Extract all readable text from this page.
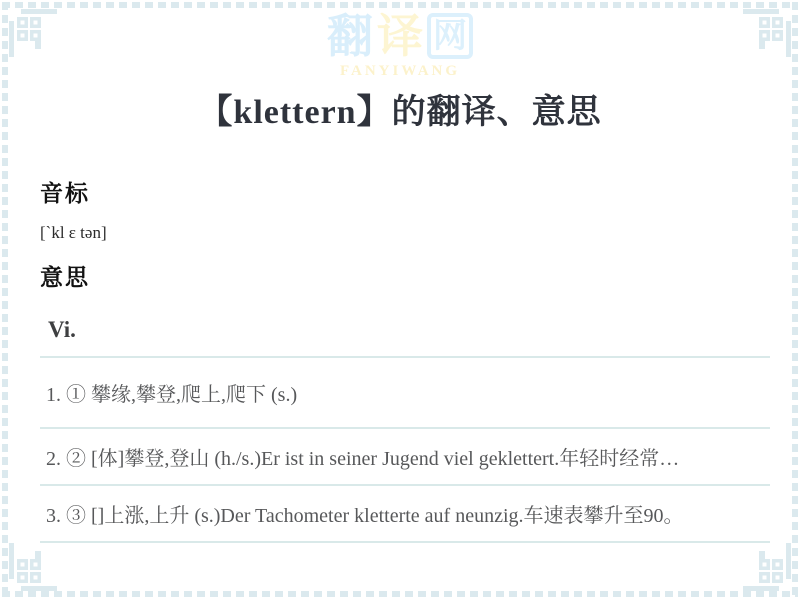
翻 译 网
FANYIWANG
【klettern】的翻译、意思
音标
[`kl ε tən]
意思
Vi.
1. ① 攀缘,攀登,爬上,爬下 (s.)
2. ② [体]攀登,登山 (h./s.)Er ist in seiner Jugend viel geklettert.年轻时经常…
3. ③ []上涨,上升 (s.)Der Tachometer kletterte auf neunzig.车速表攀升至90。
